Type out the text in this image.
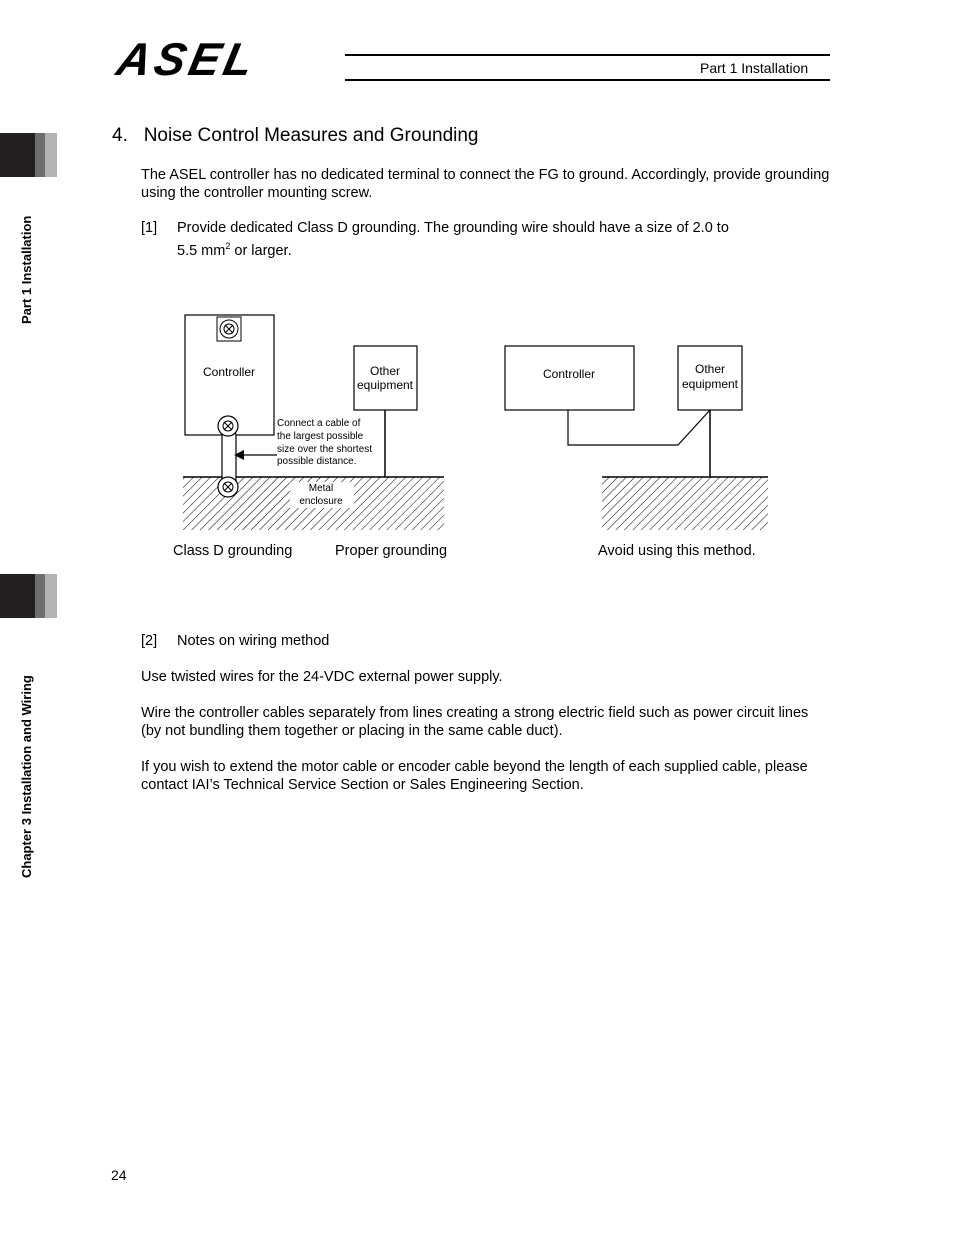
ASEL	Part 1 Installation
Part 1 Installation
Chapter 3 Installation and Wiring
4. Noise Control Measures and Grounding

The ASEL controller has no dedicated terminal to connect the FG to ground. Accordingly, provide grounding using the controller mounting screw.

[1] Provide dedicated Class D grounding. The grounding wire should have a size of 2.0 to
5.5 $mm^2$ or larger.
Metal
enclosure
Controller
Connect a cable of
the largest possible
size over the shortest
possible distance.
Other
equipment
Controller	Other
equipment
Class D grounding	Proper grounding	Avoid using this method.
[2] Notes on wiring method

Use twisted wires for the 24-VDC external power supply.

Wire the controller cables separately from lines creating a strong electric field such as power circuit lines (by not bundling them together or placing in the same cable duct).

If you wish to extend the motor cable or encoder cable beyond the length of each supplied cable, please contact IAI’s Technical Service Section or Sales Engineering Section.

24
